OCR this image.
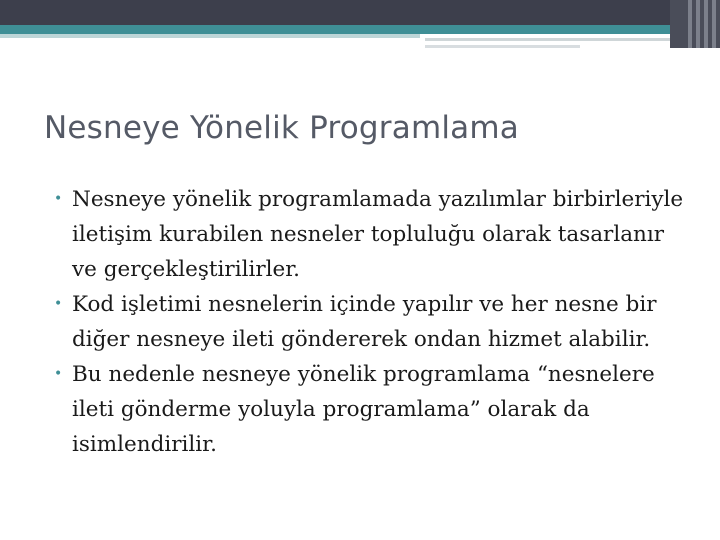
Nesneye Yönelik Programlama
• Nesneye yönelik programlamada yazılımlar birbirleriyle iletişim kurabilen nesneler topluluğu olarak tasarlanır ve gerçekleştirilirler.
• Kod işletimi nesnelerin içinde yapılır ve her nesne bir diğer nesneye ileti göndererek ondan hizmet alabilir.
• Bu nedenle nesneye yönelik programlama “nesnelere ileti gönderme yoluyla programlama” olarak da isimlendirilir.
